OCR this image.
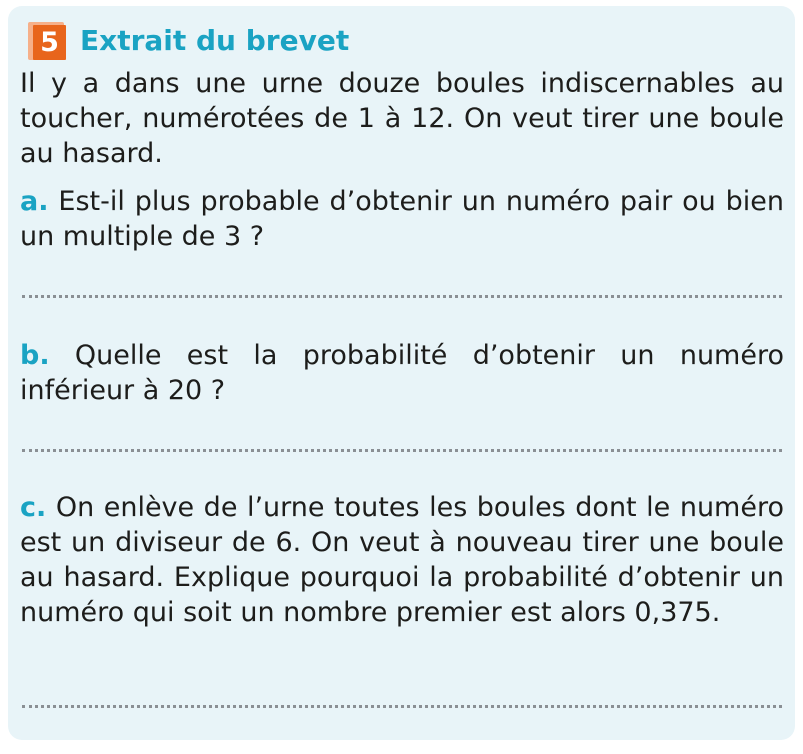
5 Extrait du brevet

Il y a dans une urne douze boules indiscernables au toucher, numérotées de 1 à 12. On veut tirer une boule au hasard.

a. Est-il plus probable d’obtenir un numéro pair ou bien un multiple de 3 ?

b. Quelle est la probabilité d’obtenir un numéro inférieur à 20 ?

c. On enlève de l’urne toutes les boules dont le numéro est un diviseur de 6. On veut à nouveau tirer une boule au hasard. Explique pourquoi la probabilité d’obtenir un numéro qui soit un nombre premier est alors 0,375.
